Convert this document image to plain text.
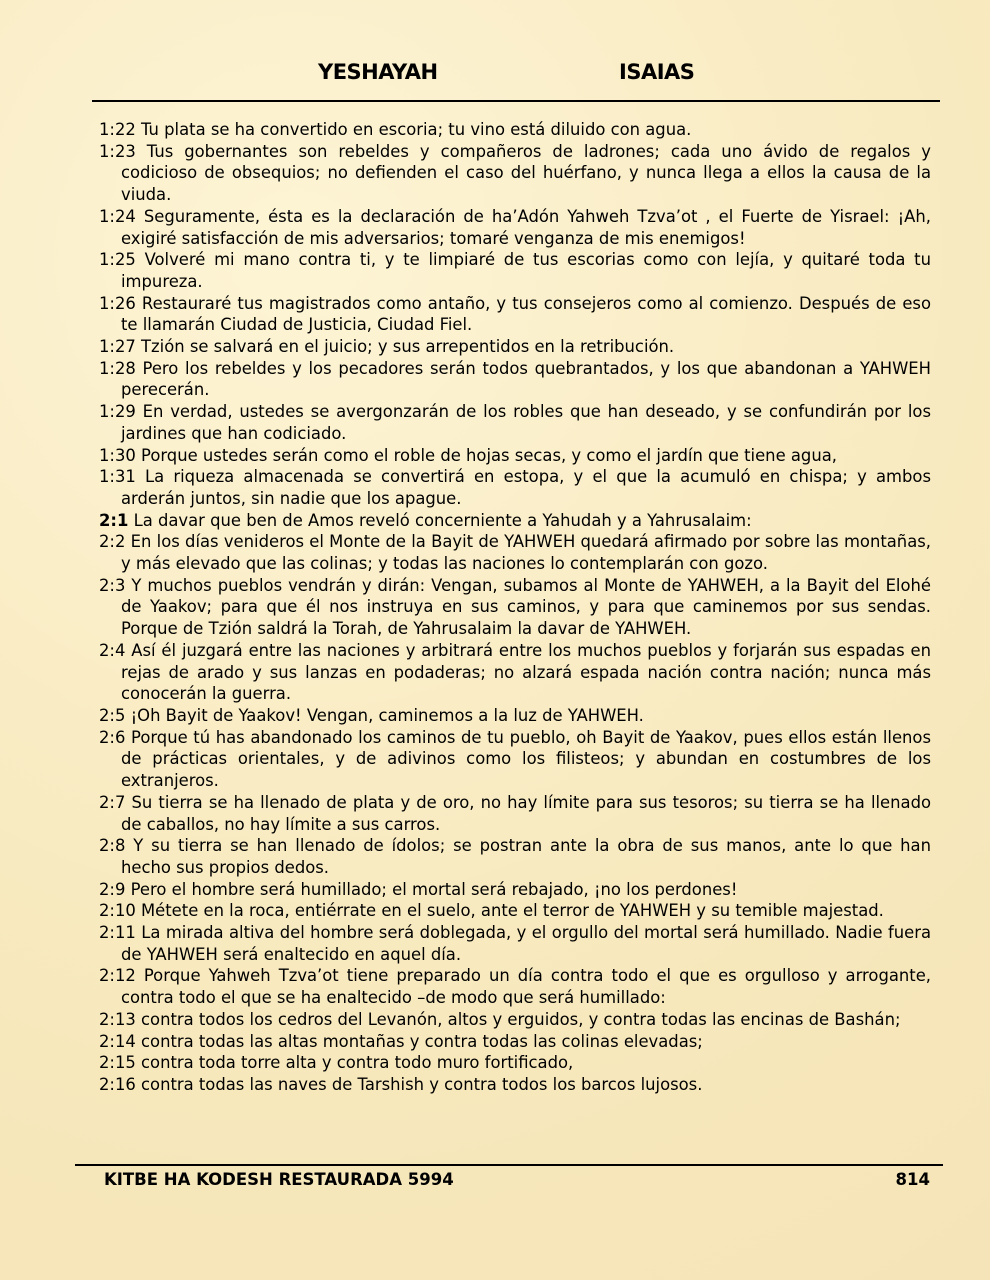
YESHAYAH	ISAIAS

1:22 Tu plata se ha convertido en escoria; tu vino está diluido con agua.

1:23 Tus gobernantes son rebeldes y compañeros de ladrones; cada uno ávido de regalos y codicioso de obsequios; no defienden el caso del huérfano, y nunca llega a ellos la causa de la viuda.

1:24 Seguramente, ésta es la declaración de ha’Adón Yahweh Tzva’ot , el Fuerte de Yisrael: ¡Ah, exigiré satisfacción de mis adversarios; tomaré venganza de mis enemigos!

1:25 Volveré mi mano contra ti, y te limpiaré de tus escorias como con lejía, y quitaré toda tu impureza.

1:26 Restauraré tus magistrados como antaño, y tus consejeros como al comienzo. Después de eso te llamarán Ciudad de Justicia, Ciudad Fiel.

1:27 Tzión se salvará en el juicio; y sus arrepentidos en la retribución.

1:28 Pero los rebeldes y los pecadores serán todos quebrantados, y los que abandonan a YAHWEH perecerán.

1:29 En verdad, ustedes se avergonzarán de los robles que han deseado, y se confundirán por los jardines que han codiciado.

1:30 Porque ustedes serán como el roble de hojas secas, y como el jardín que tiene agua,

1:31 La riqueza almacenada se convertirá en estopa, y el que la acumuló en chispa; y ambos arderán juntos, sin nadie que los apague.

2:1 La davar que ben de Amos reveló concerniente a Yahudah y a Yahrusalaim:

2:2 En los días venideros el Monte de la Bayit de YAHWEH quedará afirmado por sobre las montañas, y más elevado que las colinas; y todas las naciones lo contemplarán con gozo.

2:3 Y muchos pueblos vendrán y dirán: Vengan, subamos al Monte de YAHWEH, a la Bayit del Elohé de Yaakov; para que él nos instruya en sus caminos, y para que caminemos por sus sendas. Porque de Tzión saldrá la Torah, de Yahrusalaim la davar de YAHWEH.

2:4 Así él juzgará entre las naciones y arbitrará entre los muchos pueblos y forjarán sus espadas en rejas de arado y sus lanzas en podaderas; no alzará espada nación contra nación; nunca más conocerán la guerra.

2:5 ¡Oh Bayit de Yaakov! Vengan, caminemos a la luz de YAHWEH.

2:6 Porque tú has abandonado los caminos de tu pueblo, oh Bayit de Yaakov, pues ellos están llenos de prácticas orientales, y de adivinos como los filisteos; y abundan en costumbres de los extranjeros.

2:7 Su tierra se ha llenado de plata y de oro, no hay límite para sus tesoros; su tierra se ha llenado de caballos, no hay límite a sus carros.

2:8 Y su tierra se han llenado de ídolos; se postran ante la obra de sus manos, ante lo que han hecho sus propios dedos.

2:9 Pero el hombre será humillado; el mortal será rebajado, ¡no los perdones!

2:10 Métete en la roca, entiérrate en el suelo, ante el terror de YAHWEH y su temible majestad.

2:11 La mirada altiva del hombre será doblegada, y el orgullo del mortal será humillado. Nadie fuera de YAHWEH será enaltecido en aquel día.

2:12 Porque Yahweh Tzva’ot tiene preparado un día contra todo el que es orgulloso y arrogante, contra todo el que se ha enaltecido –de modo que será humillado:

2:13 contra todos los cedros del Levanón, altos y erguidos, y contra todas las encinas de Bashán;

2:14 contra todas las altas montañas y contra todas las colinas elevadas;

2:15 contra toda torre alta y contra todo muro fortificado,

2:16 contra todas las naves de Tarshish y contra todos los barcos lujosos.

KITBE HA KODESH RESTAURADA 5994	814
